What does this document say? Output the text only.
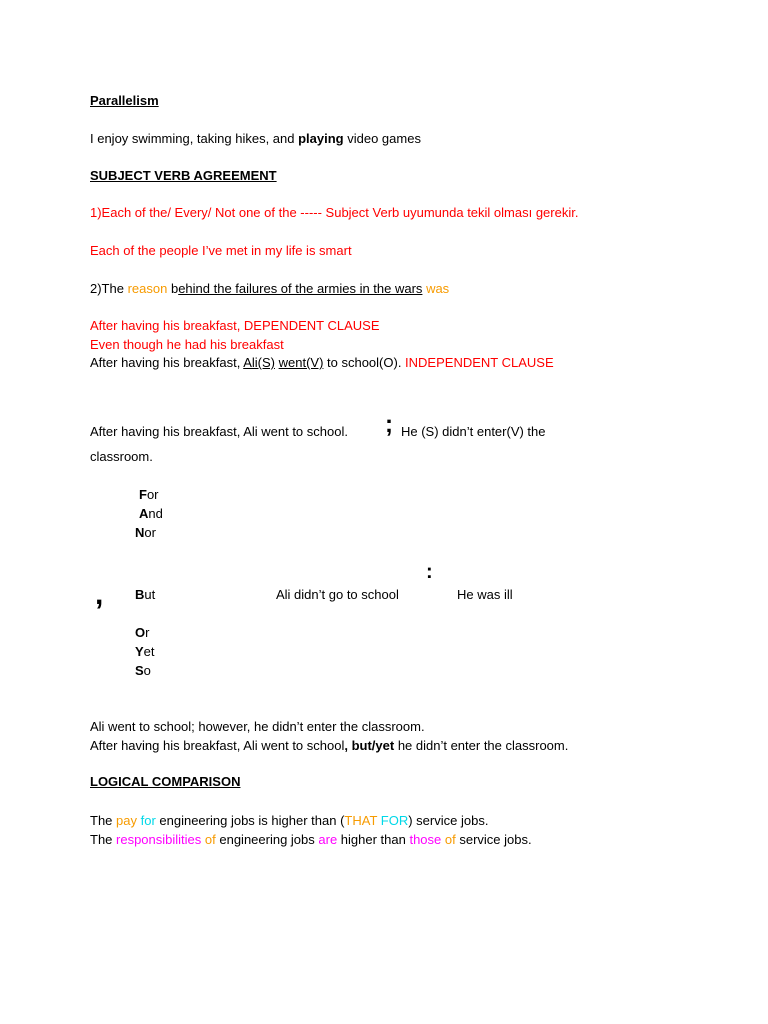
Parallelism
I enjoy swimming, taking hikes, and playing video games
SUBJECT VERB AGREEMENT
1)Each of the/ Every/ Not one of the ----- Subject Verb uyumunda tekil olması gerekir.
Each of the people I’ve met in my life is smart
2)The reason behind the failures of the armies in the wars was
After having his breakfast, DEPENDENT CLAUSE
Even though he had his breakfast
After having his breakfast, Ali(S) went(V) to school(O). INDEPENDENT CLAUSE
After having his breakfast, Ali went to school. ; He (S) didn’t enter(V) the
classroom.
For
And
Nor
, But	Ali didn’t go to school
:
He was ill
Or
Yet
So
Ali went to school; however, he didn’t enter the classroom.
After having his breakfast, Ali went to school, but/yet he didn’t enter the classroom.
LOGICAL COMPARISON
The pay for engineering jobs is higher than (THAT FOR) service jobs.
The responsibilities of engineering jobs are higher than those of service jobs.
